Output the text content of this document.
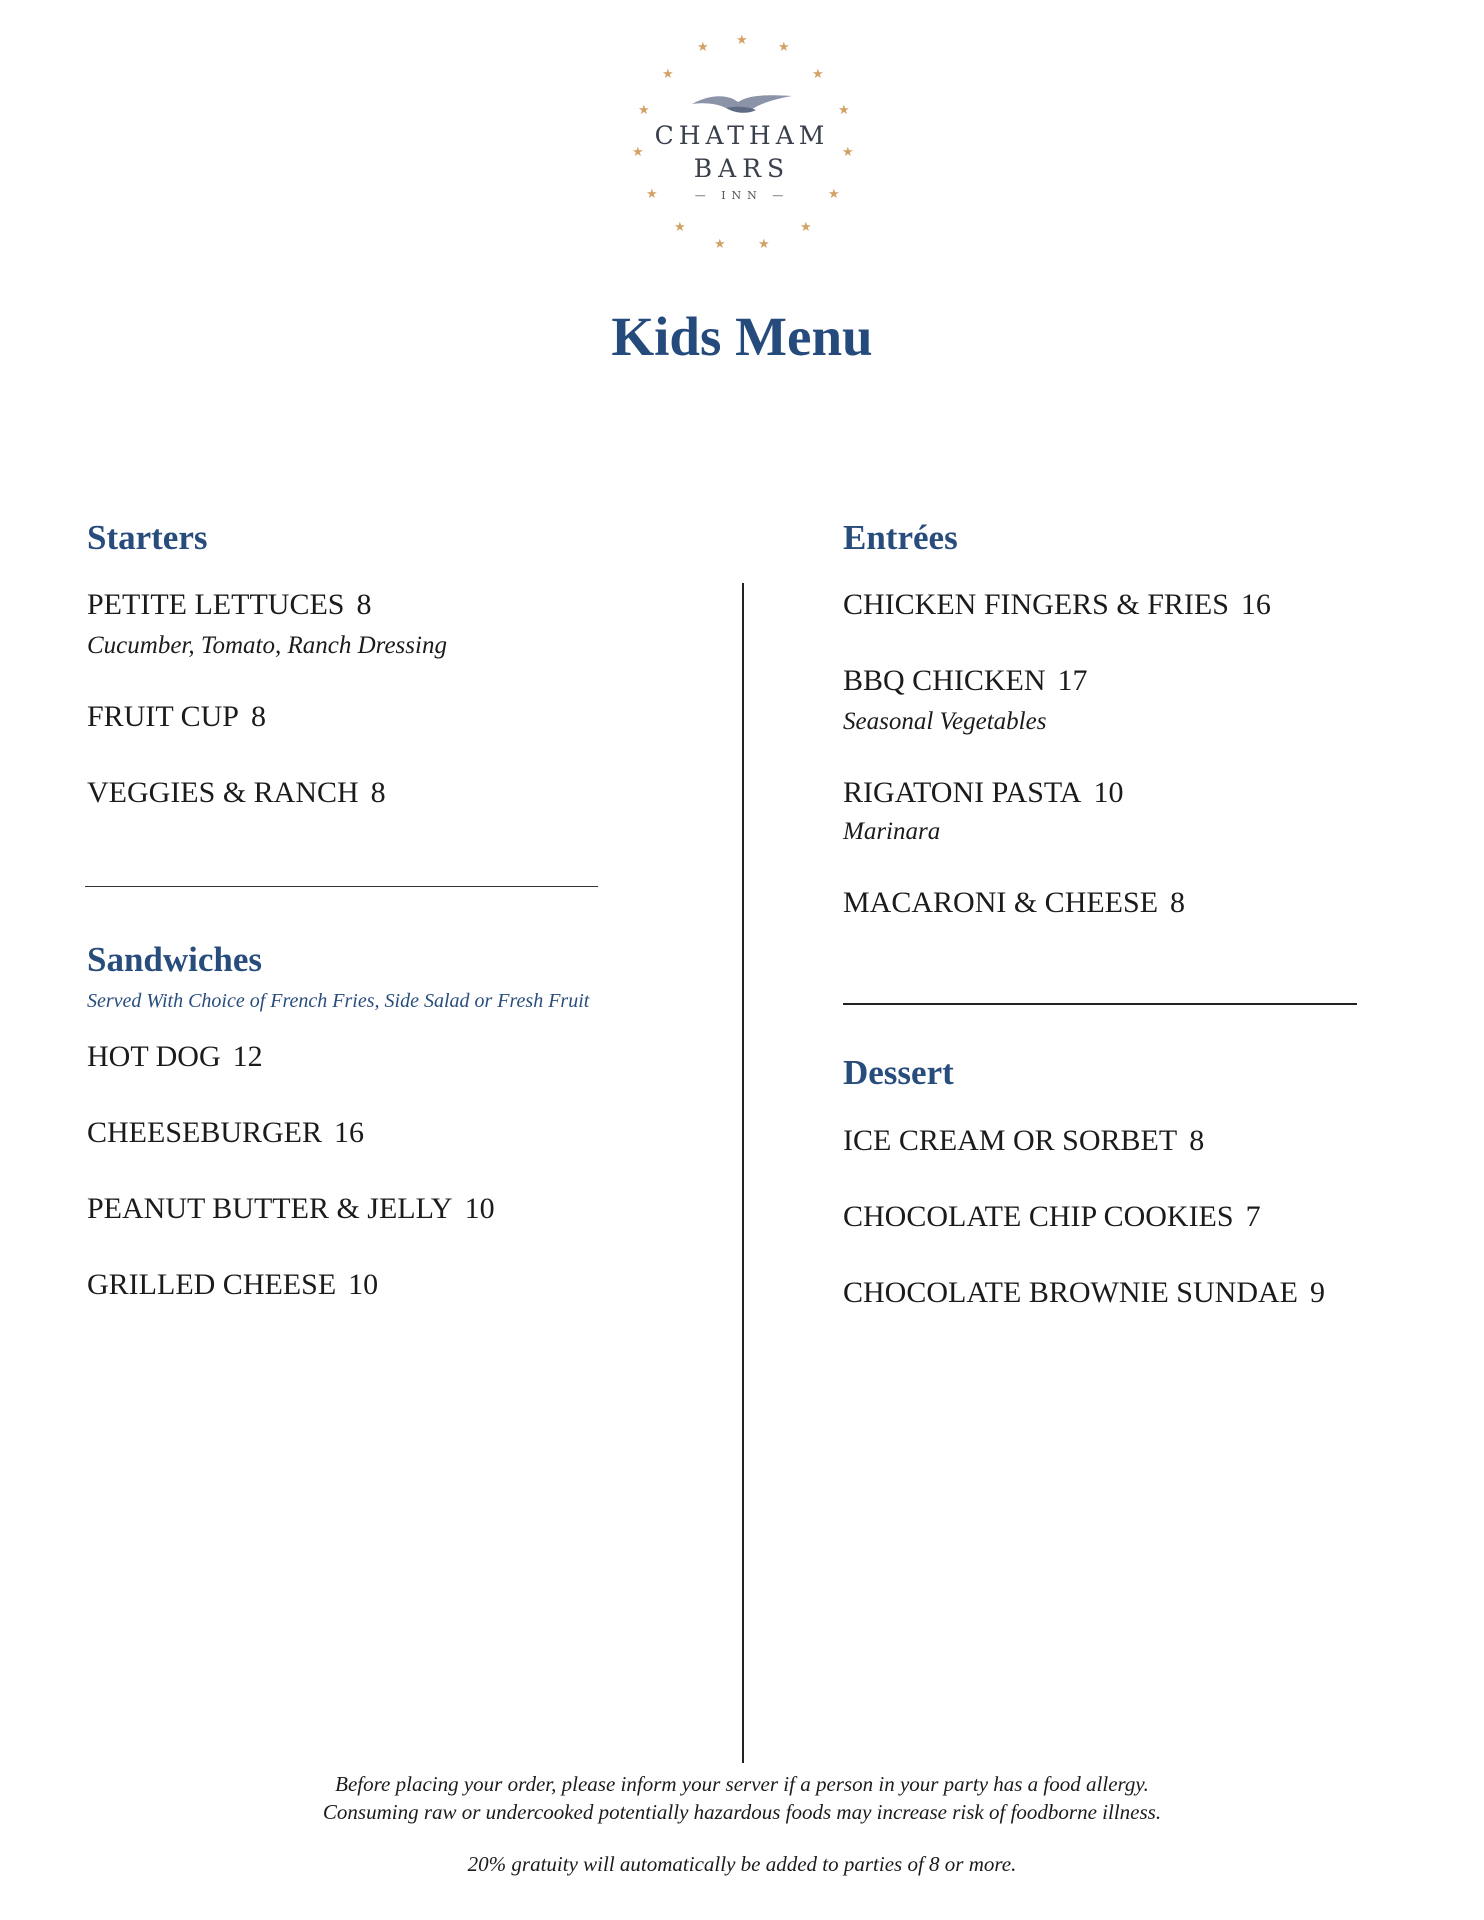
★
★	★
★	★
★	★
★	★
★	★
★	★
★ ★
CHATHAM
BARS
— INN —
Kids Menu
Starters
PETITE LETTUCES 8
Cucumber, Tomato, Ranch Dressing
FRUIT CUP 8
VEGGIES & RANCH 8
Sandwiches
Served With Choice of French Fries, Side Salad or Fresh Fruit
HOT DOG 12
CHEESEBURGER 16
PEANUT BUTTER & JELLY 10
GRILLED CHEESE 10
Entrées
CHICKEN FINGERS & FRIES 16
BBQ CHICKEN 17
Seasonal Vegetables
RIGATONI PASTA 10
Marinara
MACARONI & CHEESE 8
Dessert
ICE CREAM OR SORBET 8
CHOCOLATE CHIP COOKIES 7
CHOCOLATE BROWNIE SUNDAE 9
Before placing your order, please inform your server if a person in your party has a food allergy.
Consuming raw or undercooked potentially hazardous foods may increase risk of foodborne illness.
20% gratuity will automatically be added to parties of 8 or more.
